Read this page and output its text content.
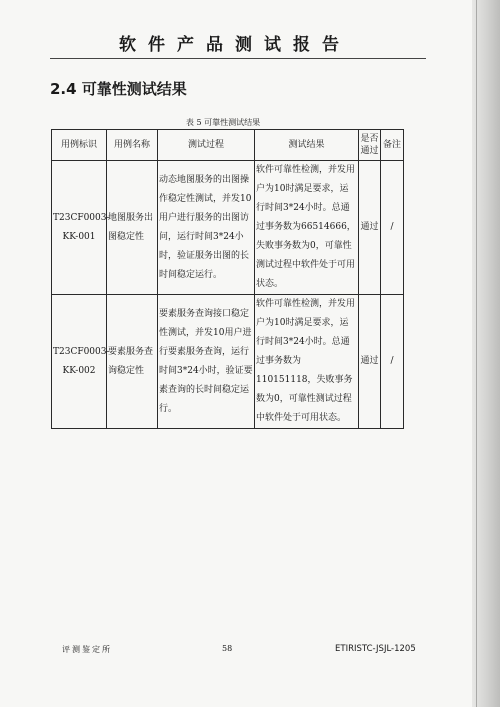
软件产品测试报告
2.4 可靠性测试结果
表 5 可靠性测试结果
用例标识	用例名称	测试过程	测试结果	是否通过	备注
T23CF0003-KK-001	地图服务出图稳定性	动态地图服务的出图操作稳定性测试，并发10用户进行服务的出图访问，运行时间3*24小时，验证服务出图的长时间稳定运行。	软件可靠性检测，并发用户为10时满足要求，运行时间3*24小时。总通过事务数为66514666，失败事务数为0，可靠性测试过程中软件处于可用状态。	通过	/
T23CF0003-KK-002	要素服务查询稳定性	要素服务查询接口稳定性测试，并发10用户进行要素服务查询，运行时间3*24小时，验证要素查询的长时间稳定运行。	软件可靠性检测，并发用户为10时满足要求，运行时间3*24小时。总通过事务数为110151118，失败事务数为0，可靠性测试过程中软件处于可用状态。	通过	/
评测鉴定所	58	ETIRISTC-JSJL-1205
